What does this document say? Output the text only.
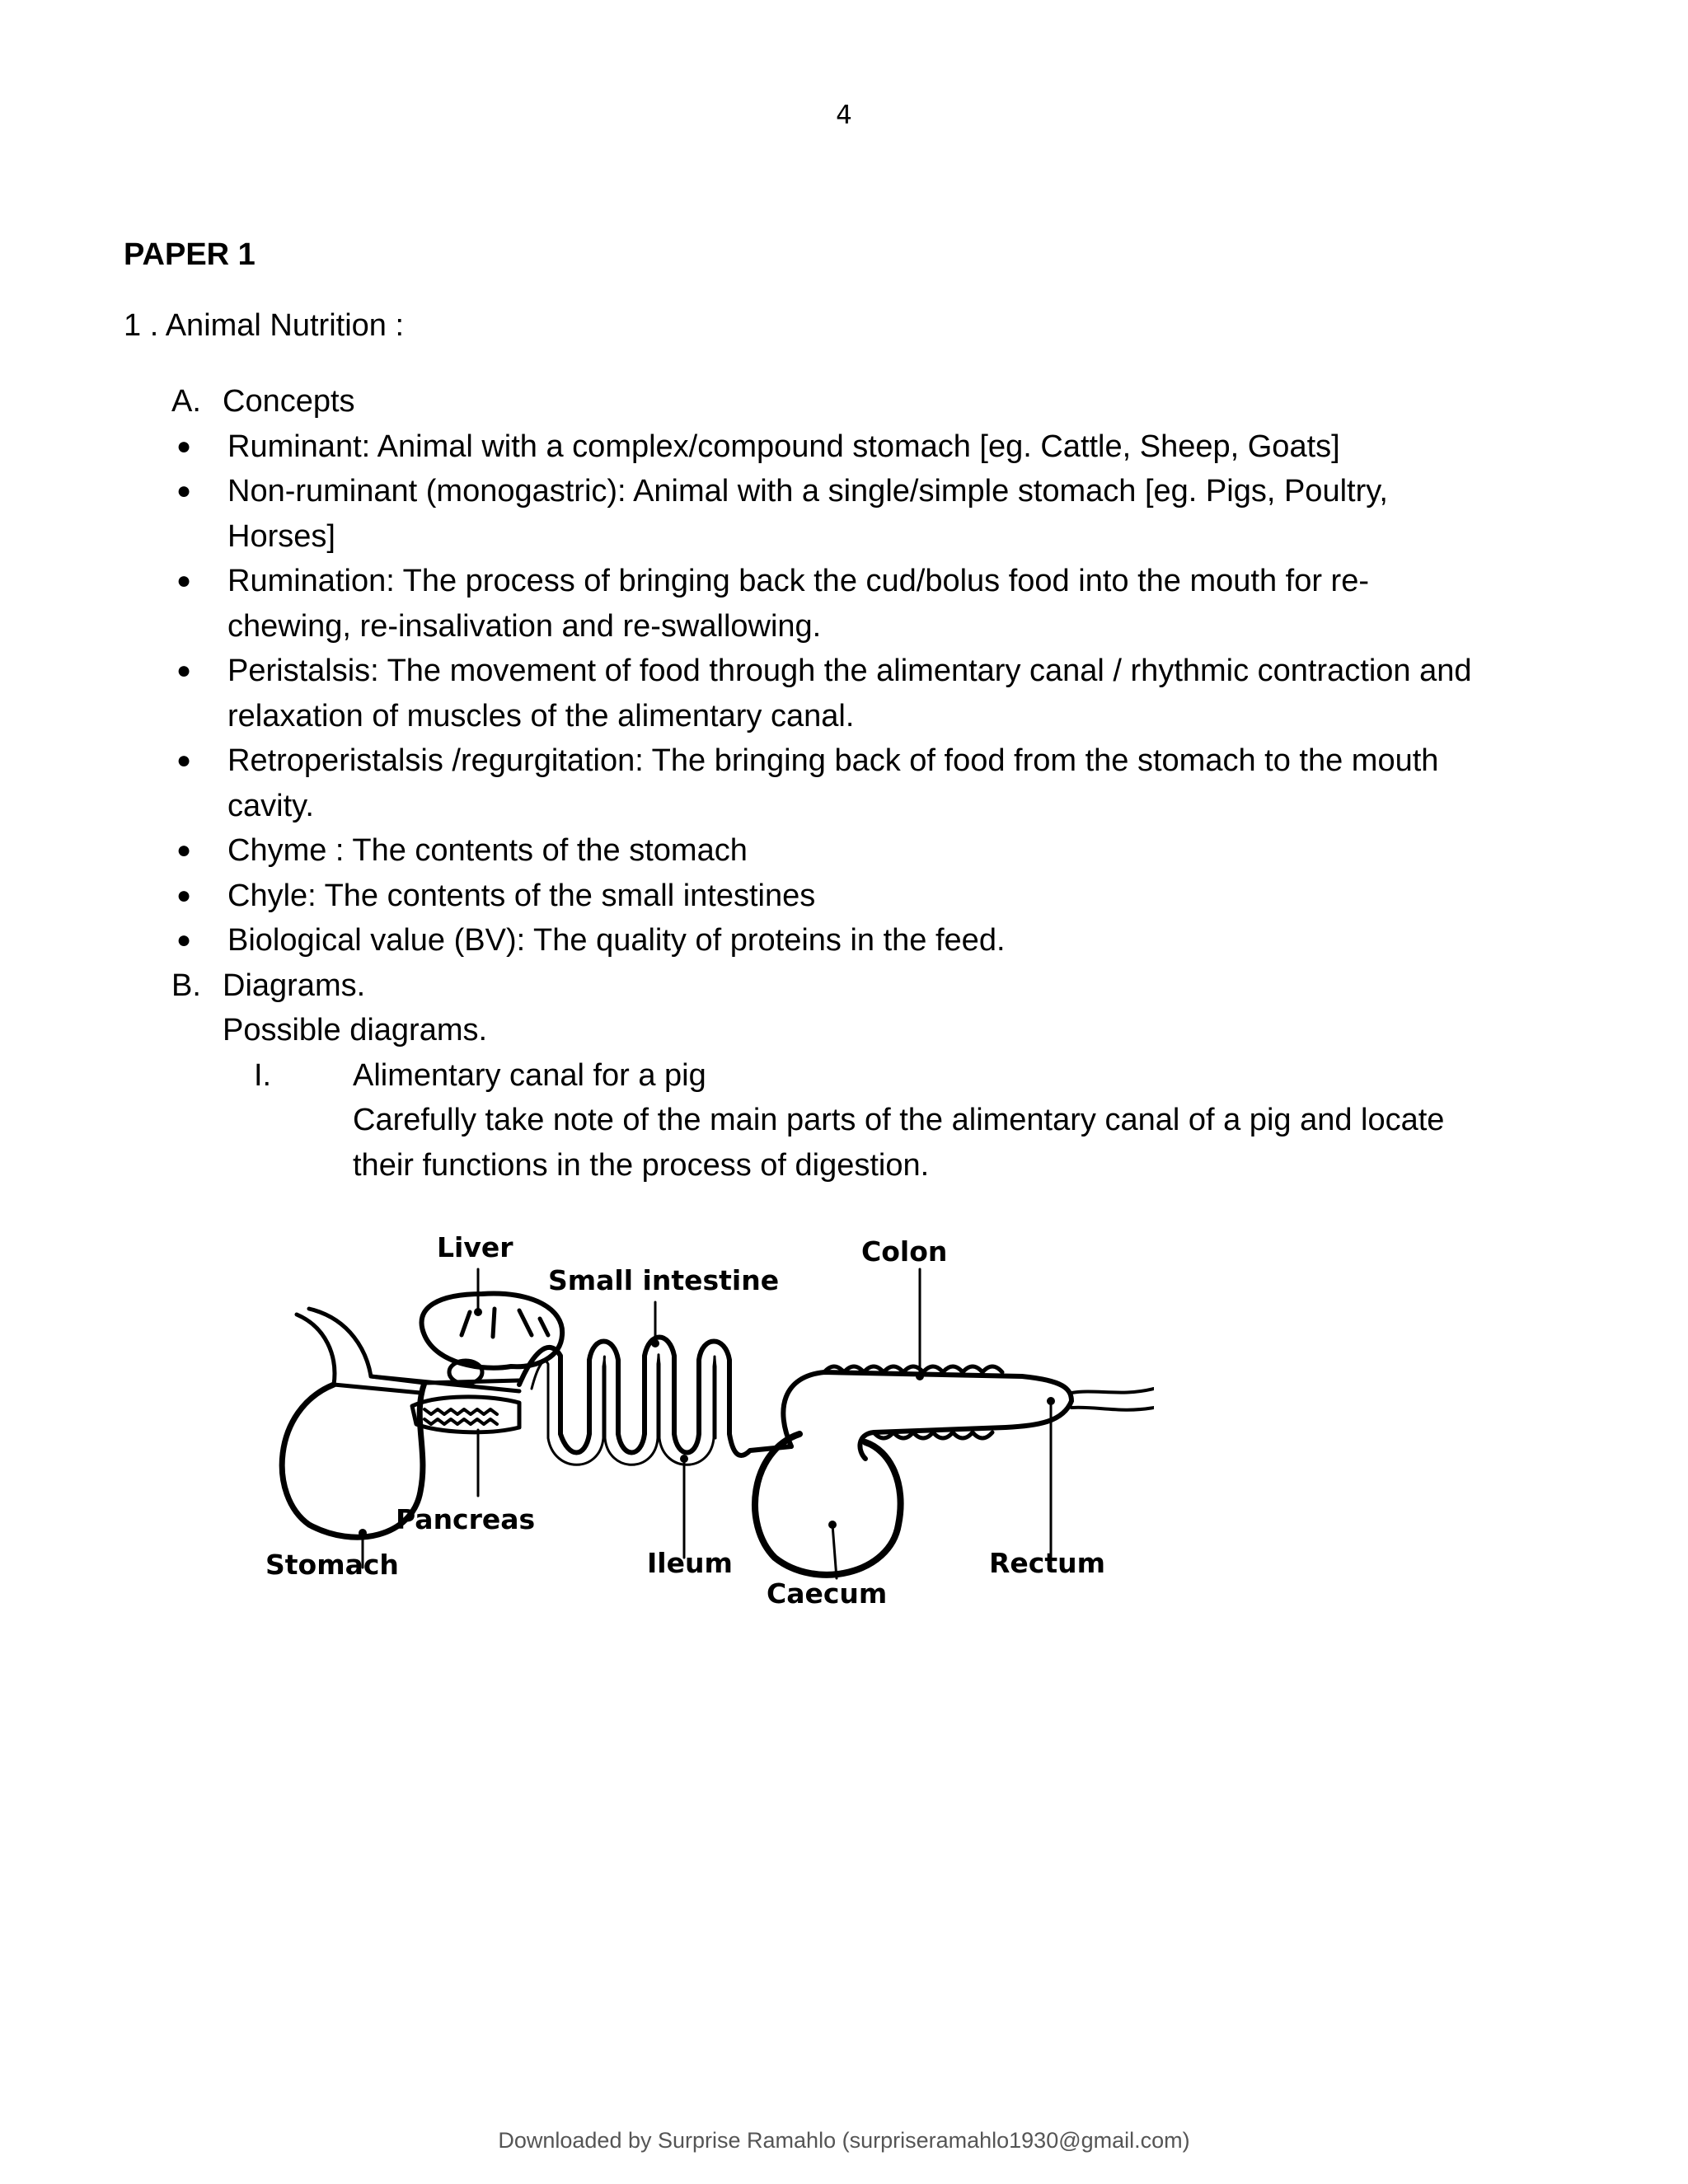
4
PAPER 1
1 . Animal Nutrition :
A. Concepts
●	Ruminant: Animal with a complex/compound stomach [eg. Cattle, Sheep, Goats]
●	Non-ruminant (monogastric): Animal with a single/simple stomach [eg. Pigs, Poultry, Horses]
●	Rumination: The process of bringing back the cud/bolus food into the mouth for re-chewing, re-insalivation and re-swallowing.
●	Peristalsis: The movement of food through the alimentary canal / rhythmic contraction and relaxation of muscles of the alimentary canal.
●	Retroperistalsis /regurgitation: The bringing back of food from the stomach to the mouth cavity.
●	Chyme : The contents of the stomach
●	Chyle: The contents of the small intestines
●	Biological value (BV): The quality of proteins in the feed.
B. Diagrams.
Possible diagrams.
I.	Alimentary canal for a pig
Carefully take note of the main parts of the alimentary canal of a pig and locate their functions in the process of digestion.
Liver
Small intestine
Colon
Pancreas
Stomach	Ileum
Caecum
Rectum
Downloaded by Surprise Ramahlo (surpriseramahlo1930@gmail.com)
